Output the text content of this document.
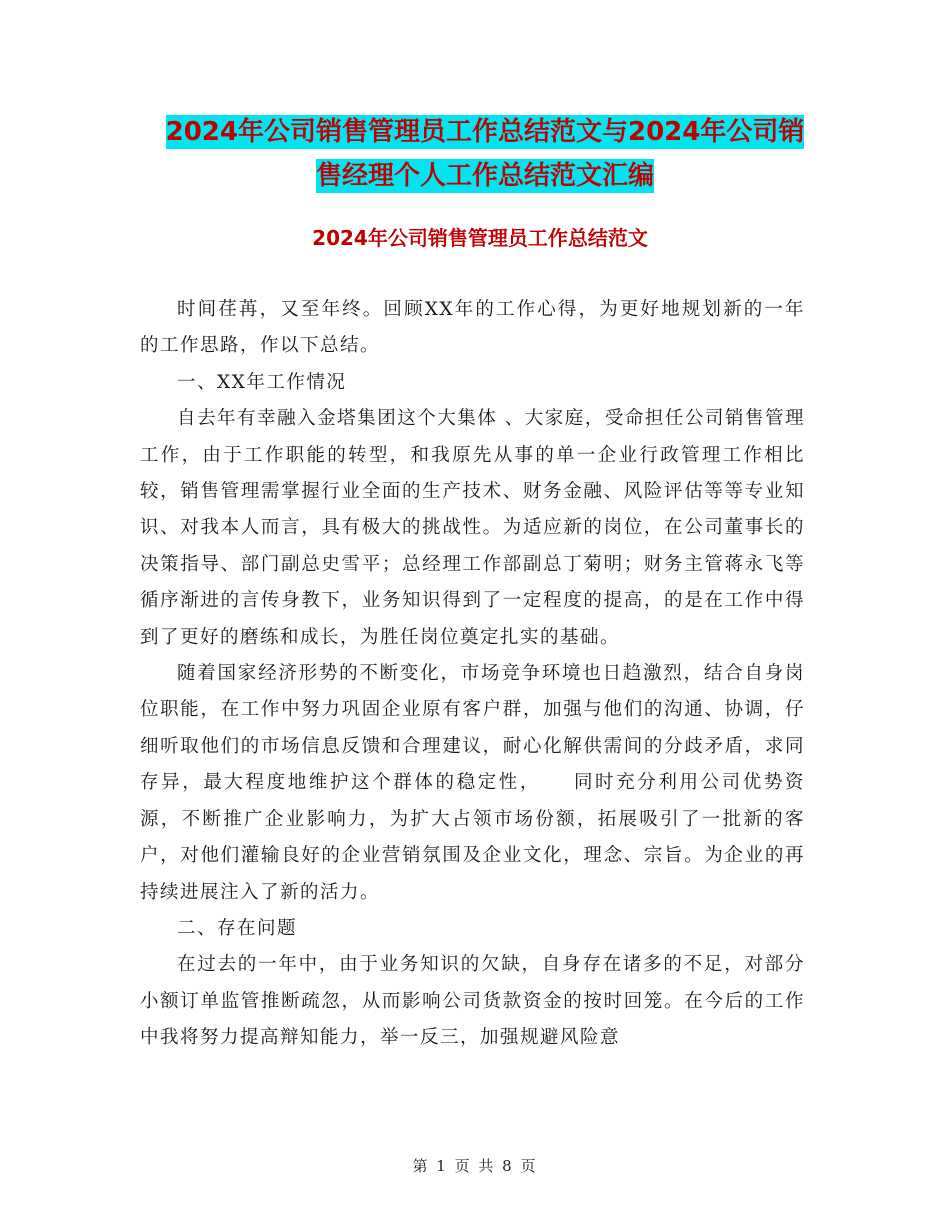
2024年公司销售管理员工作总结范文与2024年公司销
售经理个人工作总结范文汇编
2024年公司销售管理员工作总结范文

时间荏苒，又至年终。回顾XX年的工作心得，为更好地规划新的一年的工作思路，作以下总结。

一、XX年工作情况

自去年有幸融入金塔集团这个大集体 、大家庭，受命担任公司销售管理工作，由于工作职能的转型，和我原先从事的单一企业行政管理工作相比较，销售管理需掌握行业全面的生产技术、财务金融、风险评估等等专业知识、对我本人而言，具有极大的挑战性。为适应新的岗位，在公司董事长的决策指导、部门副总史雪平；总经理工作部副总丁菊明；财务主管蒋永飞等循序渐进的言传身教下，业务知识得到了一定程度的提高，的是在工作中得到了更好的磨练和成长，为胜任岗位奠定扎实的基础。

随着国家经济形势的不断变化，市场竞争环境也日趋激烈，结合自身岗位职能，在工作中努力巩固企业原有客户群，加强与他们的沟通、协调，仔细听取他们的市场信息反馈和合理建议，耐心化解供需间的分歧矛盾，求同存异，最大程度地维护这个群体的稳定性，　　同时充分利用公司优势资源，不断推广企业影响力，为扩大占领市场份额，拓展吸引了一批新的客户，对他们灌输良好的企业营销氛围及企业文化，理念、宗旨。为企业的再持续进展注入了新的活力。

二、存在问题

在过去的一年中，由于业务知识的欠缺，自身存在诸多的不足，对部分小额订单监管推断疏忽，从而影响公司货款资金的按时回笼。在今后的工作中我将努力提高辩知能力，举一反三，加强规避风险意

第 1 页 共 8 页
